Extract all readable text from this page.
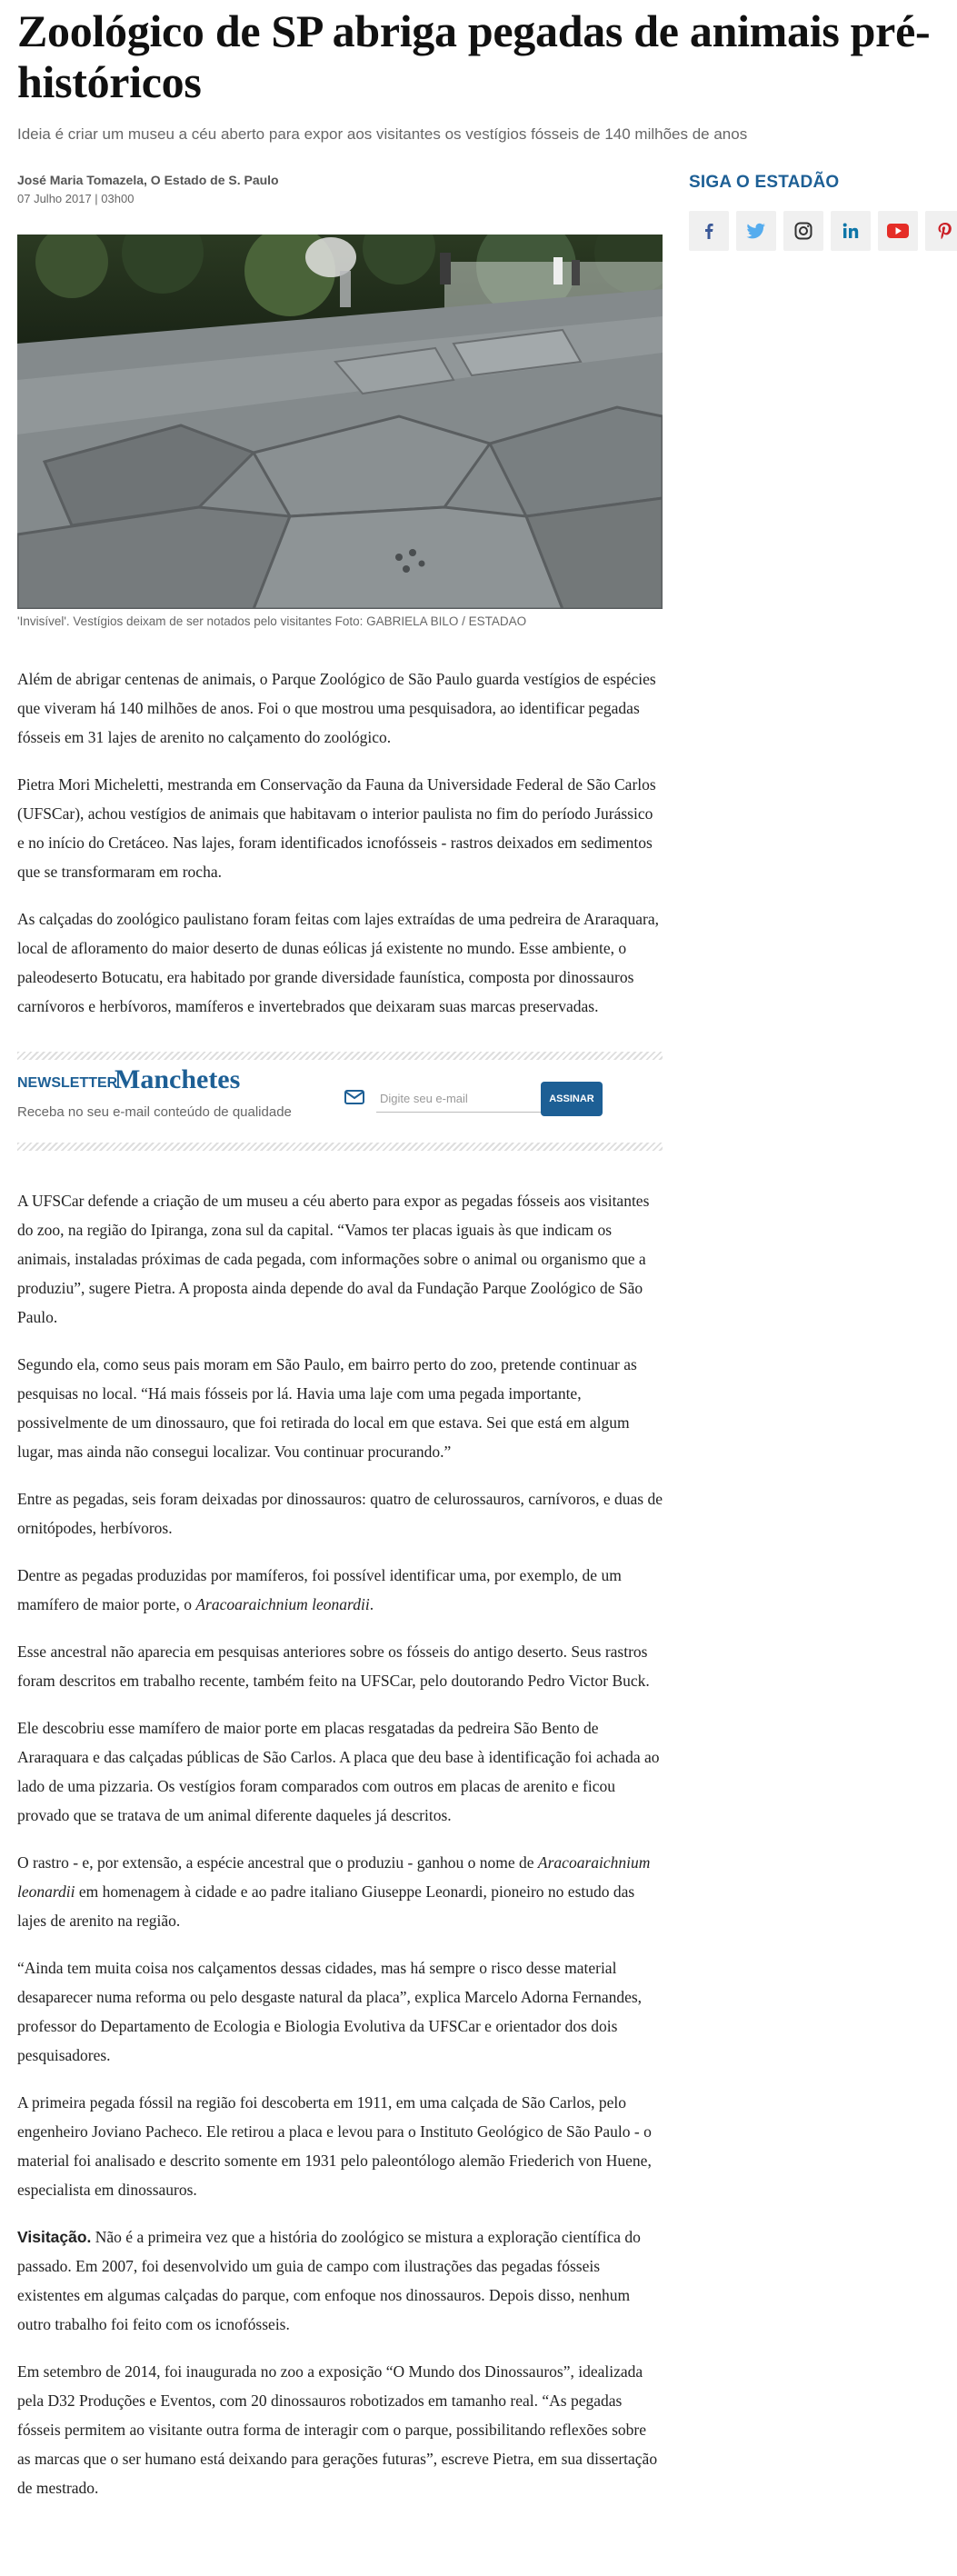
Zoológico de SP abriga pegadas de animais pré-históricos
Ideia é criar um museu a céu aberto para expor aos visitantes os vestígios fósseis de 140 milhões de anos
José Maria Tomazela, O Estado de S. Paulo
07 Julho 2017 | 03h00
'Invisível'. Vestígios deixam de ser notados pelo visitantes Foto: GABRIELA BILO / ESTADAO

Além de abrigar centenas de animais, o Parque Zoológico de São Paulo guarda vestígios de espécies que viveram há 140 milhões de anos. Foi o que mostrou uma pesquisadora, ao identificar pegadas fósseis em 31 lajes de arenito no calçamento do zoológico.

Pietra Mori Micheletti, mestranda em Conservação da Fauna da Universidade Federal de São Carlos (UFSCar), achou vestígios de animais que habitavam o interior paulista no fim do período Jurássico e no início do Cretáceo. Nas lajes, foram identificados icnofósseis - rastros deixados em sedimentos que se transformaram em rocha.

As calçadas do zoológico paulistano foram feitas com lajes extraídas de uma pedreira de Araraquara, local de afloramento do maior deserto de dunas eólicas já existente no mundo. Esse ambiente, o paleodeserto Botucatu, era habitado por grande diversidade faunística, composta por dinossauros carnívoros e herbívoros, mamíferos e invertebrados que deixaram suas marcas preservadas.

NEWSLETTER
Manchetes
Receba no seu e-mail conteúdo de qualidade
Digite seu e-mail
ASSINAR

A UFSCar defende a criação de um museu a céu aberto para expor as pegadas fósseis aos visitantes do zoo, na região do Ipiranga, zona sul da capital. “Vamos ter placas iguais às que indicam os animais, instaladas próximas de cada pegada, com informações sobre o animal ou organismo que a produziu”, sugere Pietra. A proposta ainda depende do aval da Fundação Parque Zoológico de São Paulo.

Segundo ela, como seus pais moram em São Paulo, em bairro perto do zoo, pretende continuar as pesquisas no local. “Há mais fósseis por lá. Havia uma laje com uma pegada importante, possivelmente de um dinossauro, que foi retirada do local em que estava. Sei que está em algum lugar, mas ainda não consegui localizar. Vou continuar procurando.”

Entre as pegadas, seis foram deixadas por dinossauros: quatro de celurossauros, carnívoros, e duas de ornitópodes, herbívoros.

Dentre as pegadas produzidas por mamíferos, foi possível identificar uma, por exemplo, de um mamífero de maior porte, o Aracoaraichnium leonardii.

Esse ancestral não aparecia em pesquisas anteriores sobre os fósseis do antigo deserto. Seus rastros foram descritos em trabalho recente, também feito na UFSCar, pelo doutorando Pedro Victor Buck.

Ele descobriu esse mamífero de maior porte em placas resgatadas da pedreira São Bento de Araraquara e das calçadas públicas de São Carlos. A placa que deu base à identificação foi achada ao lado de uma pizzaria. Os vestígios foram comparados com outros em placas de arenito e ficou provado que se tratava de um animal diferente daqueles já descritos.

O rastro - e, por extensão, a espécie ancestral que o produziu - ganhou o nome de Aracoaraichnium leonardii em homenagem à cidade e ao padre italiano Giuseppe Leonardi, pioneiro no estudo das lajes de arenito na região.

“Ainda tem muita coisa nos calçamentos dessas cidades, mas há sempre o risco desse material desaparecer numa reforma ou pelo desgaste natural da placa”, explica Marcelo Adorna Fernandes, professor do Departamento de Ecologia e Biologia Evolutiva da UFSCar e orientador dos dois pesquisadores.

A primeira pegada fóssil na região foi descoberta em 1911, em uma calçada de São Carlos, pelo engenheiro Joviano Pacheco. Ele retirou a placa e levou para o Instituto Geológico de São Paulo - o material foi analisado e descrito somente em 1931 pelo paleontólogo alemão Friederich von Huene, especialista em dinossauros.

Visitação. Não é a primeira vez que a história do zoológico se mistura a exploração científica do passado. Em 2007, foi desenvolvido um guia de campo com ilustrações das pegadas fósseis existentes em algumas calçadas do parque, com enfoque nos dinossauros. Depois disso, nenhum outro trabalho foi feito com os icnofósseis.

Em setembro de 2014, foi inaugurada no zoo a exposição “O Mundo dos Dinossauros”, idealizada pela D32 Produções e Eventos, com 20 dinossauros robotizados em tamanho real. “As pegadas fósseis permitem ao visitante outra forma de interagir com o parque, possibilitando reflexões sobre as marcas que o ser humano está deixando para gerações futuras”, escreve Pietra, em sua dissertação de mestrado.

SIGA O ESTADÃO
